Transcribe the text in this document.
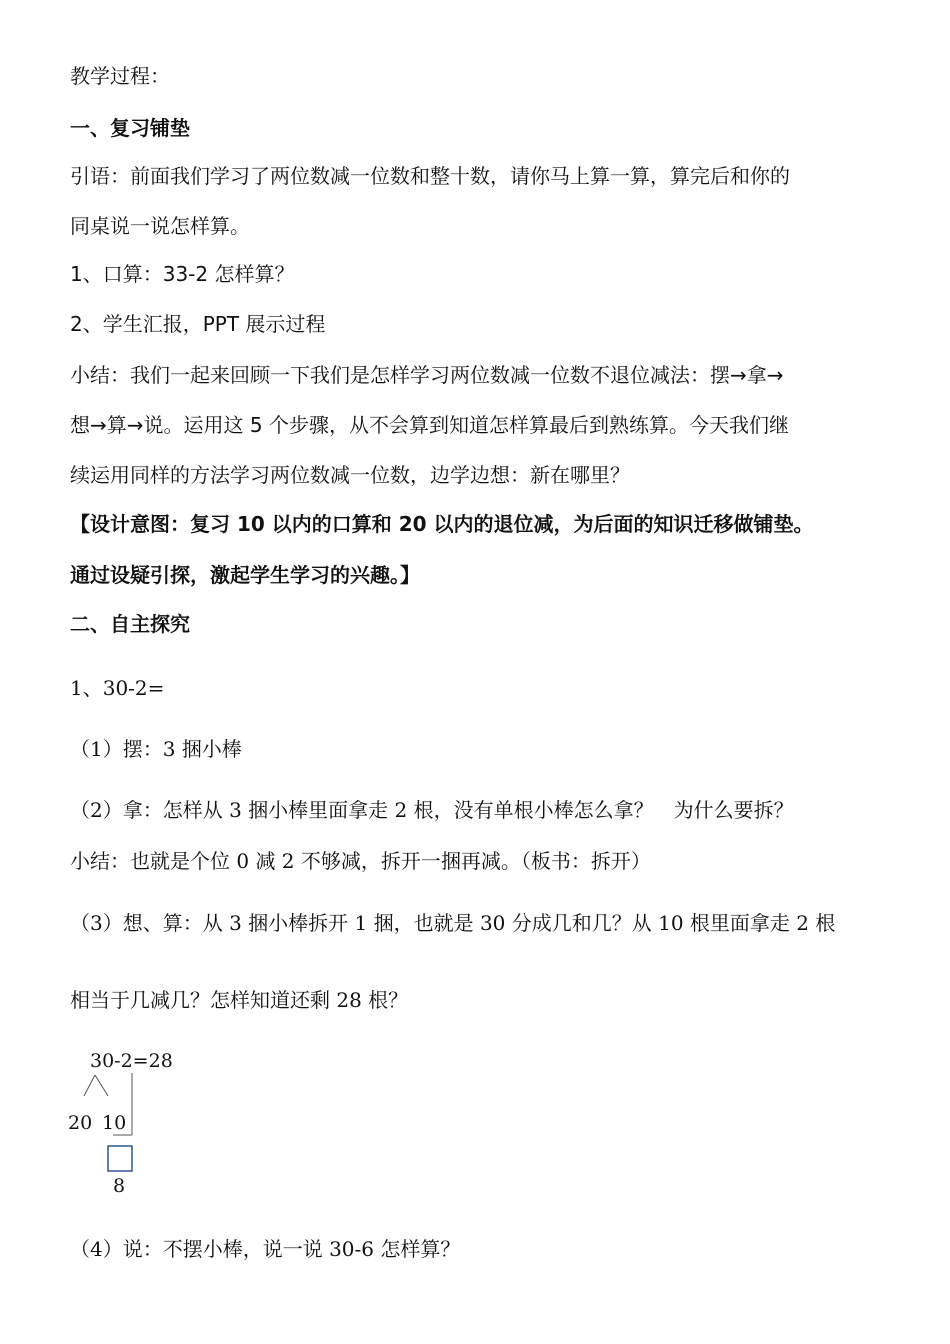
教学过程：
一、复习铺垫
引语：前面我们学习了两位数减一位数和整十数，请你马上算一算，算完后和你的
同桌说一说怎样算。
1、口算：33-2 怎样算？
2、学生汇报，PPT 展示过程
小结：我们一起来回顾一下我们是怎样学习两位数减一位数不退位减法：摆→拿→
想→算→说。运用这 5 个步骤，从不会算到知道怎样算最后到熟练算。今天我们继
续运用同样的方法学习两位数减一位数，边学边想：新在哪里？
【设计意图：复习 10 以内的口算和 20 以内的退位减，为后面的知识迁移做铺垫。
通过设疑引探，激起学生学习的兴趣。】
二、自主探究
1、30-2=
（1）摆：3 捆小棒
（2）拿：怎样从 3 捆小棒里面拿走 2 根，没有单根小棒怎么拿？　为什么要拆？
小结：也就是个位 0 减 2 不够减，拆开一捆再减。（板书：拆开）
（3）想、算：从 3 捆小棒拆开 1 捆，也就是 30 分成几和几？从 10 根里面拿走 2 根
相当于几减几？怎样知道还剩 28 根？
30-2=28
20 10
8
（4）说：不摆小棒，说一说 30-6 怎样算？
